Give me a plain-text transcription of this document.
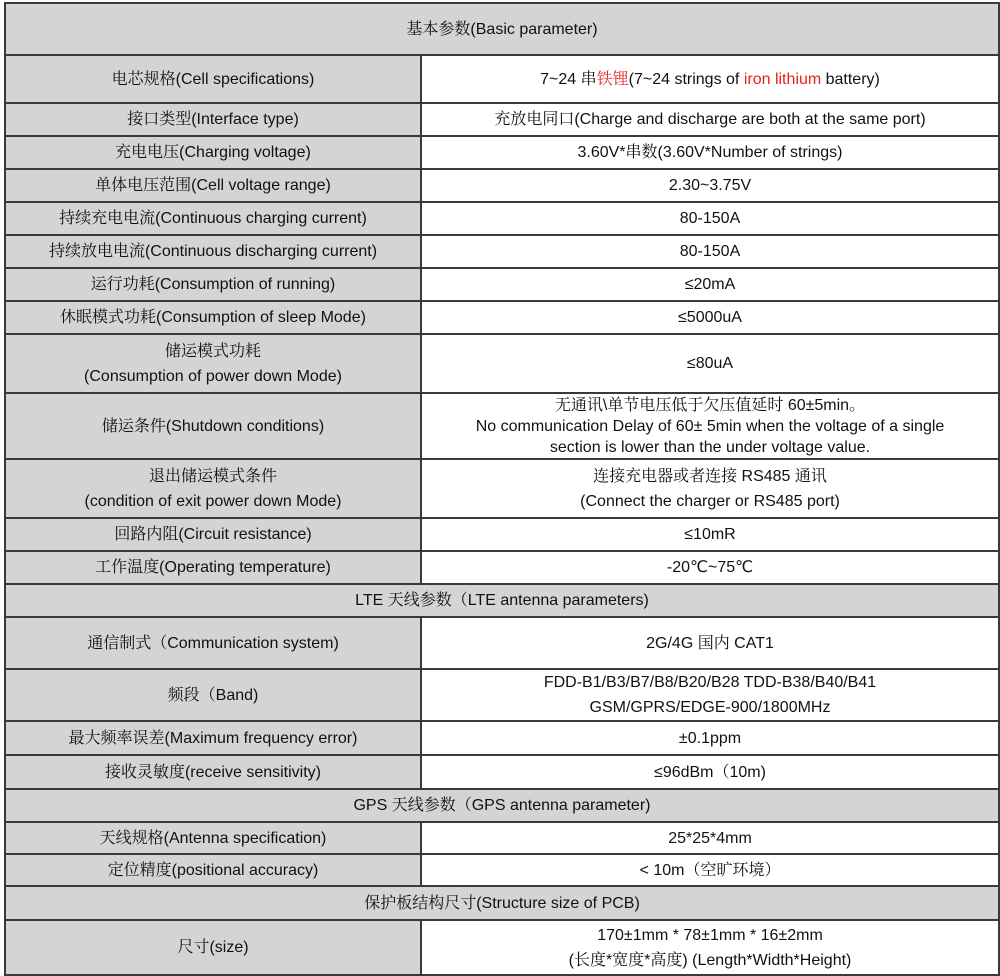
基本参数(Basic parameter)	
电芯规格(Cell specifications)	7~24 串铁锂(7~24 strings of iron lithium battery)
接口类型(Interface type)	充放电同口(Charge and discharge are both at the same port)
充电电压(Charging voltage)	3.60V*串数(3.60V*Number of strings)
单体电压范围(Cell voltage range)	2.30~3.75V
持续充电电流(Continuous charging current)	80-150A
持续放电电流(Continuous discharging current)	80-150A
运行功耗(Consumption of running)	≤20mA
休眠模式功耗(Consumption of sleep Mode)	≤5000uA

储运模式功耗
(Consumption of power down Mode)	≤80uA
储运条件(Shutdown conditions)	无通讯\单节电压低于欠压值延时 60±5min。
No communication Delay of 60± 5min when the voltage of a single
section is lower than the under voltage value.

退出储运模式条件
(condition of exit power down Mode)	连接充电器或者连接 RS485 通讯
(Connect the charger or RS485 port)

回路内阻(Circuit resistance)	≤10mR
工作温度(Operating temperature)	-20℃~75℃
LTE 天线参数（LTE antenna parameters)	
通信制式（Communication system)	2G/4G 国内 CAT1
频段（Band)	FDD-B1/B3/B7/B8/B20/B28 TDD-B38/B40/B41
GSM/GPRS/EDGE-900/1800MHz

最大频率误差(Maximum frequency error)	±0.1ppm
接收灵敏度(receive sensitivity)	≤96dBm（10m)
GPS 天线参数（GPS antenna parameter)	
天线规格(Antenna specification)	25*25*4mm
定位精度(positional accuracy)	< 10m（空旷环境）
保护板结构尺寸(Structure size of PCB)	
尺寸(size)	170±1mm * 78±1mm * 16±2mm
(长度*宽度*高度) (Length*Width*Height)
